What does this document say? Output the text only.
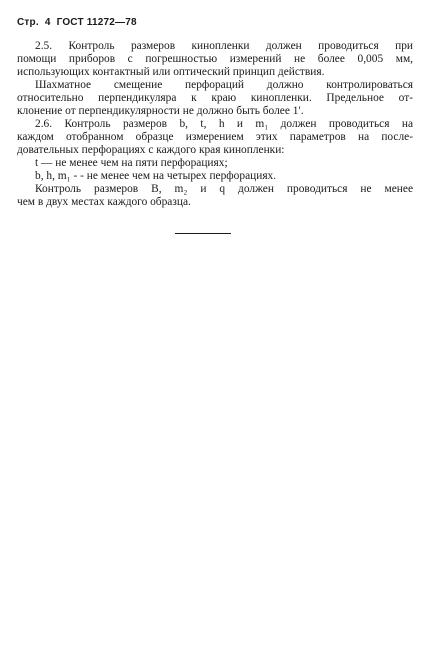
Стр. 4 ГОСТ 11272—78
2.5. Контроль размеров кинопленки должен проводиться при
помощи приборов с погрешностью измерений не более 0,005 мм,
использующих контактный или оптический принцип действия.
Шахматное смещение перфораций должно контролироваться
относительно перпендикуляра к краю кинопленки. Предельное от-
клонение от перпендикулярности не должно быть более 1′.
2.6. Контроль размеров b, t, h и m₁ должен проводиться на
каждом отобранном образце измерением этих параметров на после-
довательных перфорациях с каждого края кинопленки:
t — не менее чем на пяти перфорациях;
b, h, m₁ - - не менее чем на четырех перфорациях.
Контроль размеров B, m₂ и q должен проводиться не менее
чем в двух местах каждого образца.
